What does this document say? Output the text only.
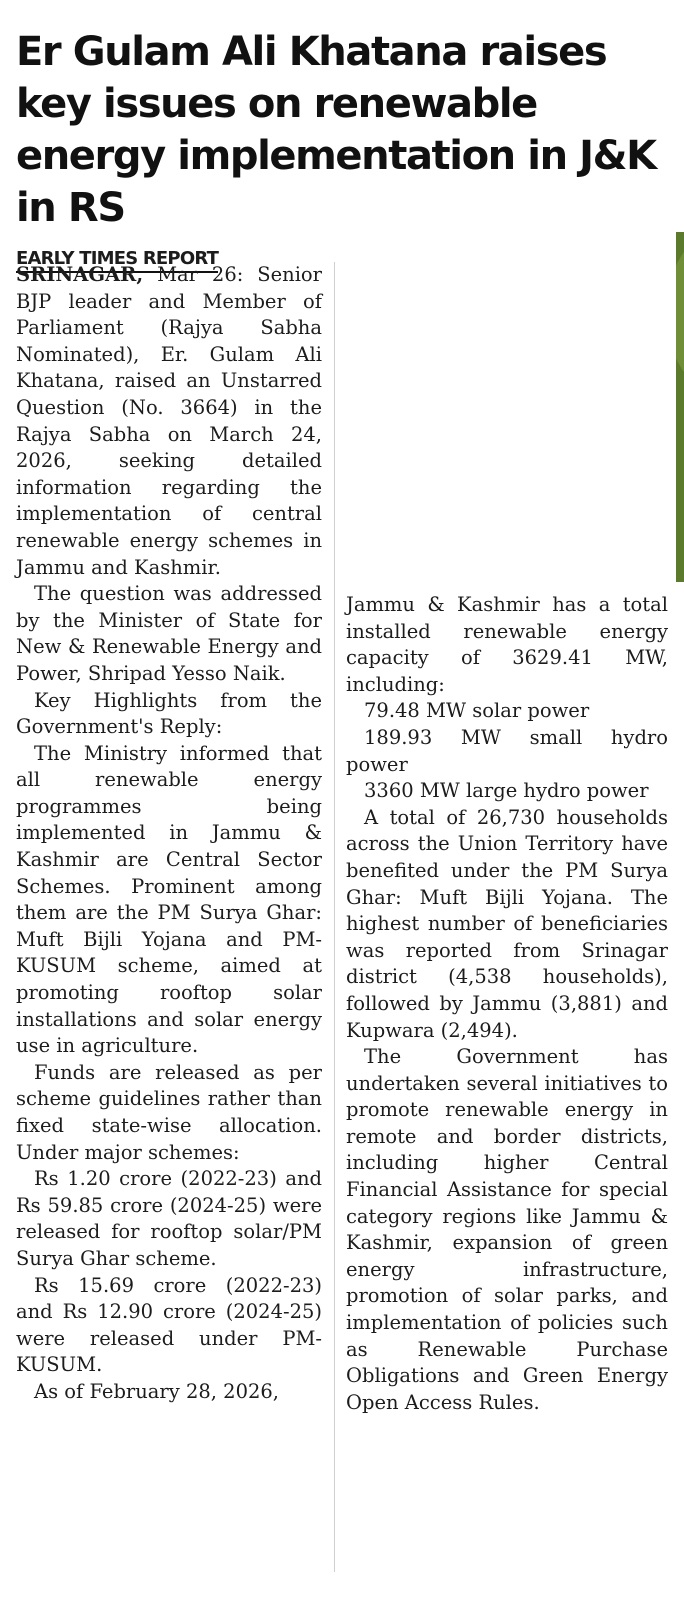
Er Gulam Ali Khatana raises key issues on renewable energy implementation in J&K in RS
EARLY TIMES REPORT

SRINAGAR, Mar 26: Senior BJP leader and Member of Parliament (Rajya Sabha Nominated), Er. Gulam Ali Khatana, raised an Unstarred Question (No. 3664) in the Rajya Sabha on March 24, 2026, seeking detailed information regarding the implementation of central renewable energy schemes in Jammu and Kashmir.

The question was addressed by the Minister of State for New & Renewable Energy and Power, Shripad Yesso Naik.

Key Highlights from the Government's Reply:

The Ministry informed that all renewable energy programmes being implemented in Jammu & Kashmir are Central Sector Schemes. Prominent among them are the PM Surya Ghar: Muft Bijli Yojana and PM-KUSUM scheme, aimed at promoting rooftop solar installations and solar energy use in agriculture.

Funds are released as per scheme guidelines rather than fixed state-wise allocation. Under major schemes:

Rs 1.20 crore (2022-23) and Rs 59.85 crore (2024-25) were released for rooftop solar/PM Surya Ghar scheme.

Rs 15.69 crore (2022-23) and Rs 12.90 crore (2024-25) were released under PM-KUSUM.

As of February 28, 2026,

Jammu & Kashmir has a total installed renewable energy capacity of 3629.41 MW, including:

79.48 MW solar power

189.93 MW small hydro power

3360 MW large hydro power

A total of 26,730 households across the Union Territory have benefited under the PM Surya Ghar: Muft Bijli Yojana. The highest number of beneficiaries was reported from Srinagar district (4,538 households), followed by Jammu (3,881) and Kupwara (2,494).

The Government has undertaken several initiatives to promote renewable energy in remote and border districts, including higher Central Financial Assistance for special category regions like Jammu & Kashmir, expansion of green energy infrastructure, promotion of solar parks, and implementation of policies such as Renewable Purchase Obligations and Green Energy Open Access Rules.
